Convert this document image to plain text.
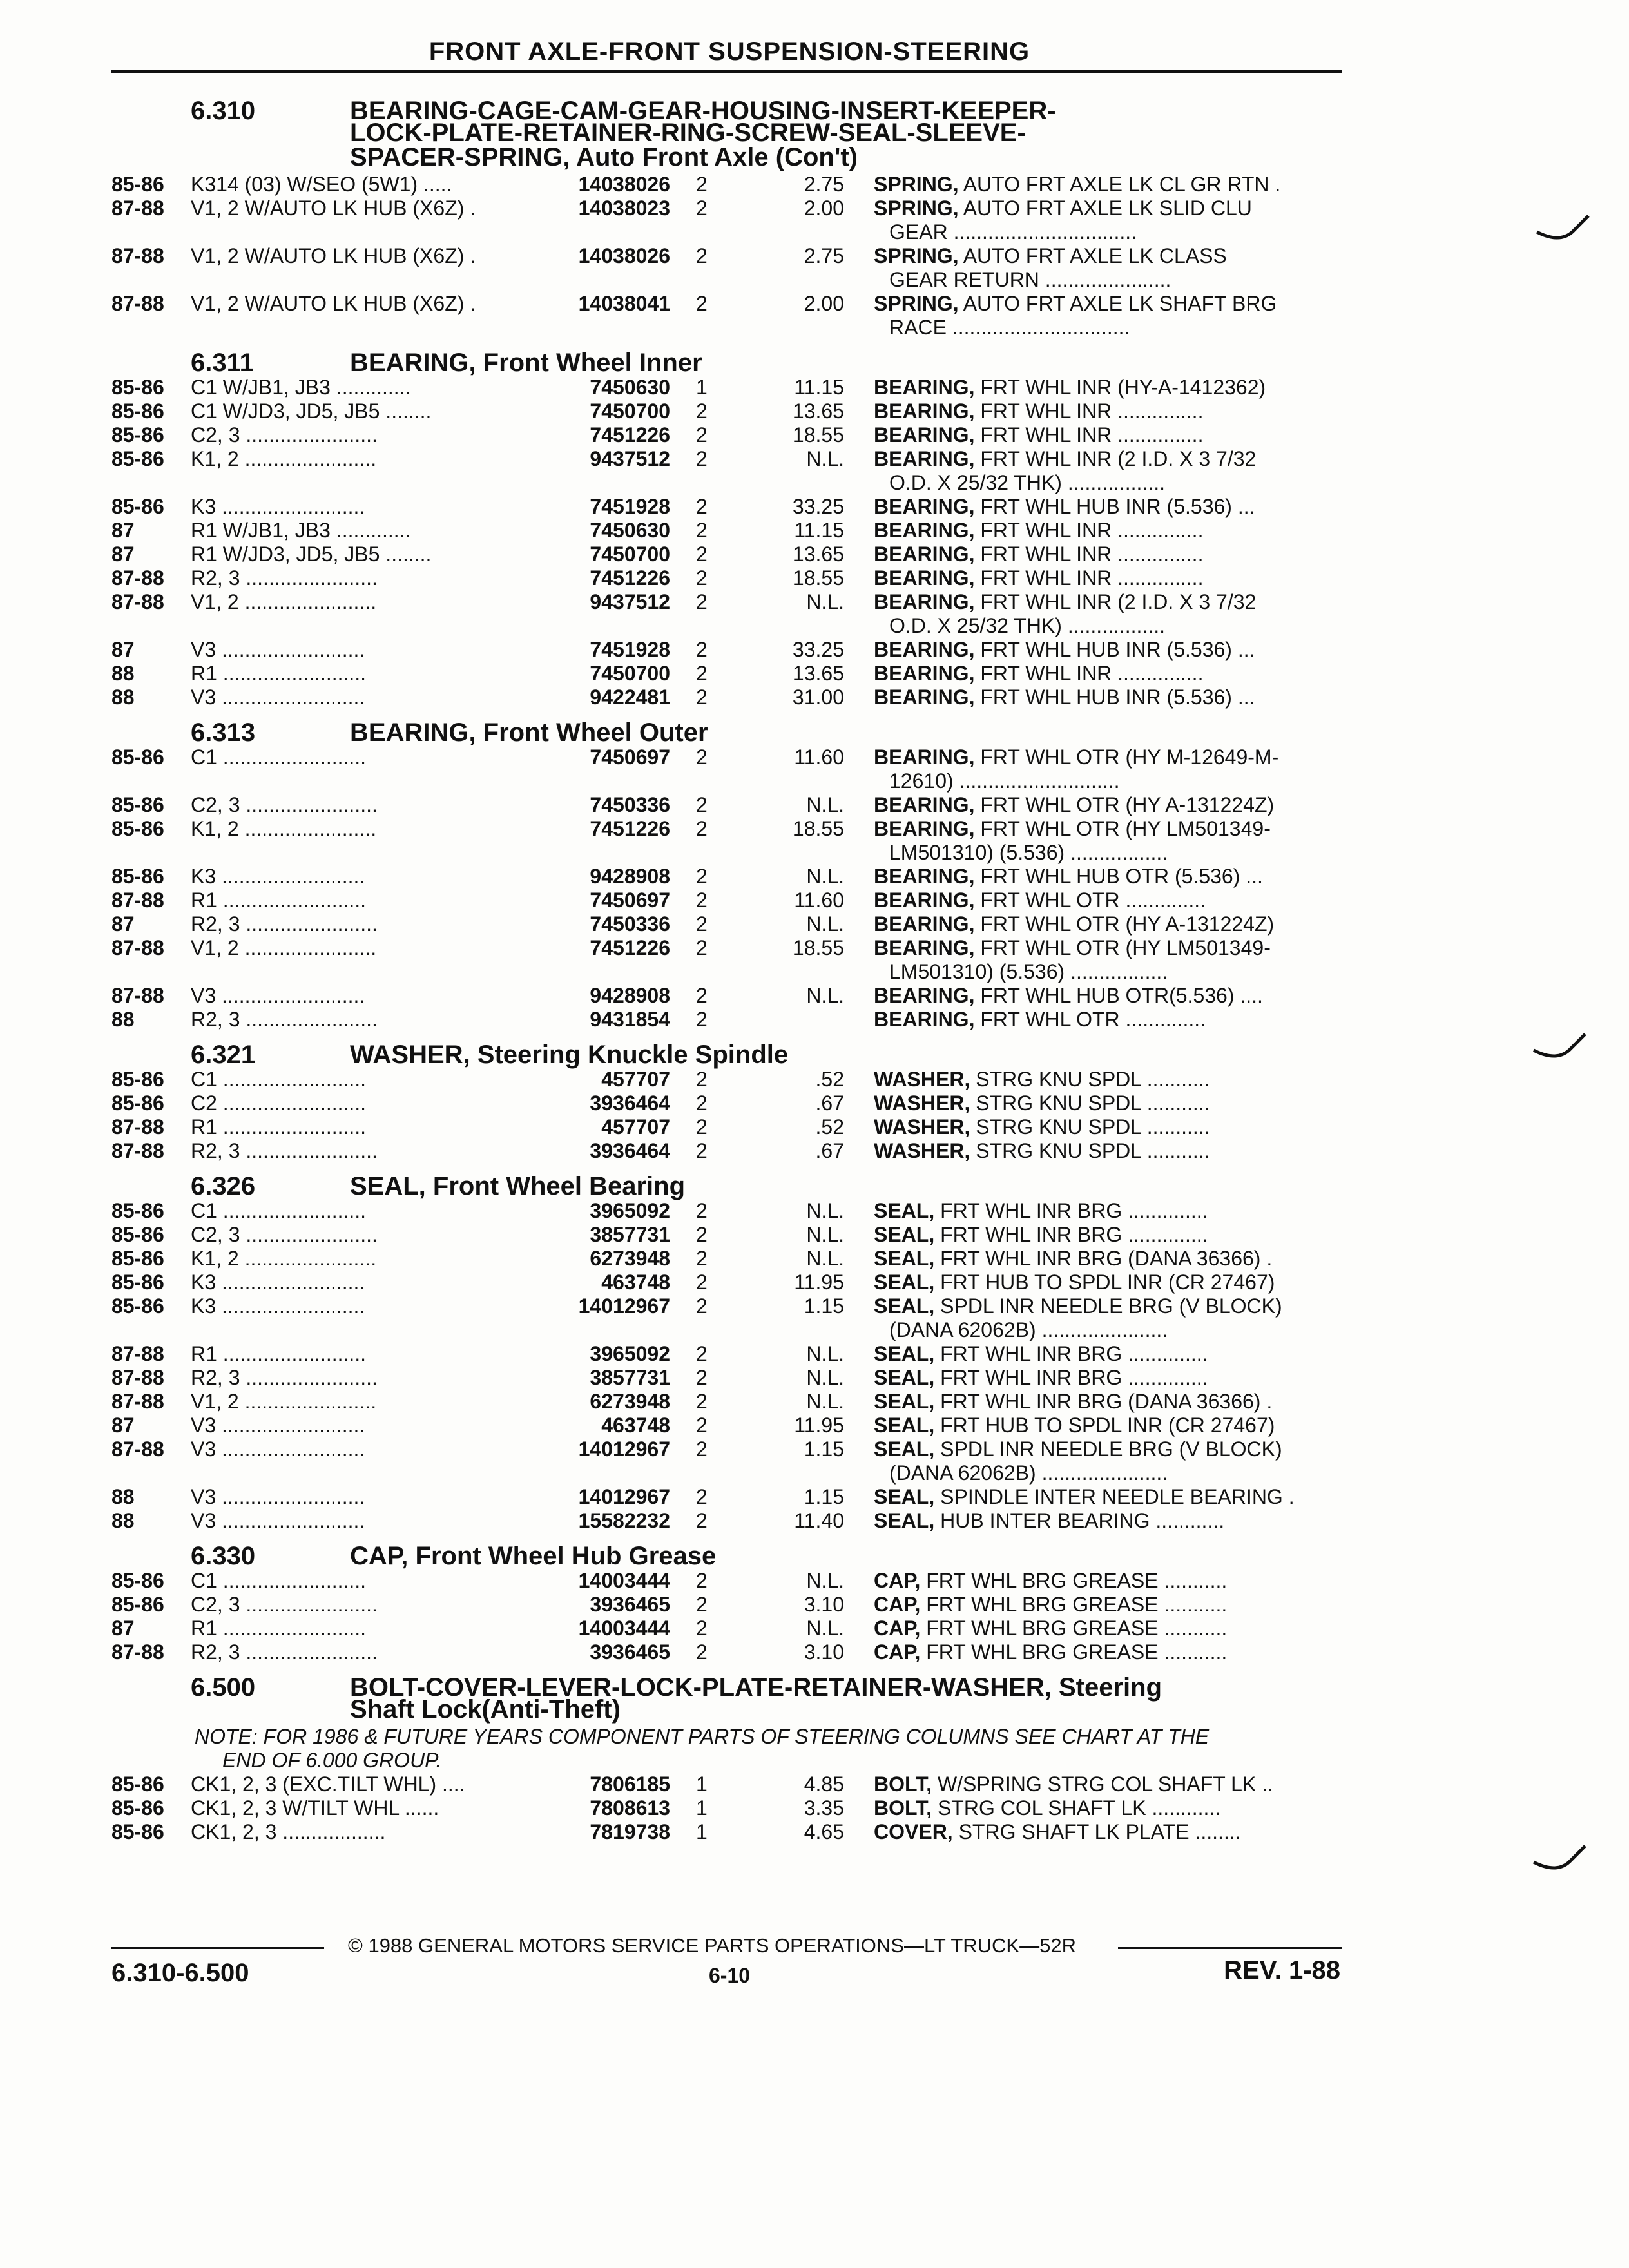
FRONT AXLE-FRONT SUSPENSION-STEERING
6.310	BEARING-CAGE-CAM-GEAR-HOUSING-INSERT-KEEPER-
LOCK-PLATE-RETAINER-RING-SCREW-SEAL-SLEEVE-
SPACER-SPRING, Auto Front Axle (Con't)
85-86	K314 (03) W/SEO (5W1) .....	14038026 2	2.75 SPRING, AUTO FRT AXLE LK CL GR RTN .
87-88	V1, 2 W/AUTO LK HUB (X6Z) .	14038023 2	2.00 SPRING, AUTO FRT AXLE LK SLID CLU
GEAR ................................
87-88	V1, 2 W/AUTO LK HUB (X6Z) .	14038026 2	2.75 SPRING, AUTO FRT AXLE LK CLASS
GEAR RETURN ......................
87-88	V1, 2 W/AUTO LK HUB (X6Z) .	14038041 2	2.00 SPRING, AUTO FRT AXLE LK SHAFT BRG
RACE ...............................
6.311	BEARING, Front Wheel Inner
85-86	C1 W/JB1, JB3 .............	7450630 1	11.15 BEARING, FRT WHL INR (HY-A-1412362)
85-86	C1 W/JD3, JD5, JB5 ........	7450700 2	13.65 BEARING, FRT WHL INR ...............
85-86	C2, 3 .......................	7451226 2	18.55 BEARING, FRT WHL INR ...............
85-86	K1, 2 .......................	9437512 2	N.L. BEARING, FRT WHL INR (2 I.D. X 3 7/32
O.D. X 25/32 THK) .................
85-86	K3 .........................	7451928 2	33.25 BEARING, FRT WHL HUB INR (5.536) ...
87	R1 W/JB1, JB3 .............	7450630 2	11.15 BEARING, FRT WHL INR ...............
87	R1 W/JD3, JD5, JB5 ........	7450700 2	13.65 BEARING, FRT WHL INR ...............
87-88	R2, 3 .......................	7451226 2	18.55 BEARING, FRT WHL INR ...............
87-88	V1, 2 .......................	9437512 2	N.L. BEARING, FRT WHL INR (2 I.D. X 3 7/32
O.D. X 25/32 THK) .................
87	V3 .........................	7451928 2	33.25 BEARING, FRT WHL HUB INR (5.536) ...
88	R1 .........................	7450700 2	13.65 BEARING, FRT WHL INR ...............
88	V3 .........................	9422481 2	31.00 BEARING, FRT WHL HUB INR (5.536) ...
6.313	BEARING, Front Wheel Outer
85-86	C1 .........................	7450697 2	11.60 BEARING, FRT WHL OTR (HY M-12649-M-
12610) ............................
85-86	C2, 3 .......................	7450336 2	N.L. BEARING, FRT WHL OTR (HY A-131224Z)
85-86	K1, 2 .......................	7451226 2	18.55 BEARING, FRT WHL OTR (HY LM501349-
LM501310) (5.536) .................
85-86	K3 .........................	9428908 2	N.L. BEARING, FRT WHL HUB OTR (5.536) ...
87-88	R1 .........................	7450697 2	11.60 BEARING, FRT WHL OTR ..............
87	R2, 3 .......................	7450336 2	N.L. BEARING, FRT WHL OTR (HY A-131224Z)
87-88	V1, 2 .......................	7451226 2	18.55 BEARING, FRT WHL OTR (HY LM501349-
LM501310) (5.536) .................
87-88	V3 .........................	9428908 2	N.L. BEARING, FRT WHL HUB OTR(5.536) ....
88	R2, 3 .......................	9431854 2	BEARING, FRT WHL OTR ..............
6.321	WASHER, Steering Knuckle Spindle
85-86	C1 .........................	457707 2	.52 WASHER, STRG KNU SPDL ...........
85-86	C2 .........................	3936464 2	.67 WASHER, STRG KNU SPDL ...........
87-88	R1 .........................	457707 2	.52 WASHER, STRG KNU SPDL ...........
87-88	R2, 3 .......................	3936464 2	.67 WASHER, STRG KNU SPDL ...........
6.326	SEAL, Front Wheel Bearing
85-86	C1 .........................	3965092 2	N.L. SEAL, FRT WHL INR BRG ..............
85-86	C2, 3 .......................	3857731 2	N.L. SEAL, FRT WHL INR BRG ..............
85-86	K1, 2 .......................	6273948 2	N.L. SEAL, FRT WHL INR BRG (DANA 36366) .
85-86	K3 .........................	463748 2	11.95 SEAL, FRT HUB TO SPDL INR (CR 27467)
85-86	K3 .........................	14012967 2	1.15 SEAL, SPDL INR NEEDLE BRG (V BLOCK)
(DANA 62062B) ......................
87-88	R1 .........................	3965092 2	N.L. SEAL, FRT WHL INR BRG ..............
87-88	R2, 3 .......................	3857731 2	N.L. SEAL, FRT WHL INR BRG ..............
87-88	V1, 2 .......................	6273948 2	N.L. SEAL, FRT WHL INR BRG (DANA 36366) .
87	V3 .........................	463748 2	11.95 SEAL, FRT HUB TO SPDL INR (CR 27467)
87-88	V3 .........................	14012967 2	1.15 SEAL, SPDL INR NEEDLE BRG (V BLOCK)
(DANA 62062B) ......................
88	V3 .........................	14012967 2	1.15 SEAL, SPINDLE INTER NEEDLE BEARING .
88	V3 .........................	15582232 2	11.40 SEAL, HUB INTER BEARING ............
6.330	CAP, Front Wheel Hub Grease
85-86	C1 .........................	14003444 2	N.L. CAP, FRT WHL BRG GREASE ...........
85-86	C2, 3 .......................	3936465 2	3.10 CAP, FRT WHL BRG GREASE ...........
87	R1 .........................	14003444 2	N.L. CAP, FRT WHL BRG GREASE ...........
87-88	R2, 3 .......................	3936465 2	3.10 CAP, FRT WHL BRG GREASE ...........
6.500	BOLT-COVER-LEVER-LOCK-PLATE-RETAINER-WASHER, Steering
Shaft Lock(Anti-Theft)
NOTE: FOR 1986 & FUTURE YEARS COMPONENT PARTS OF STEERING COLUMNS SEE CHART AT THE
END OF 6.000 GROUP.
85-86	CK1, 2, 3 (EXC.TILT WHL) ....	7806185 1	4.85 BOLT, W/SPRING STRG COL SHAFT LK ..
85-86	CK1, 2, 3 W/TILT WHL ......	7808613 1	3.35 BOLT, STRG COL SHAFT LK ............
85-86	CK1, 2, 3 ..................	7819738 1	4.65 COVER, STRG SHAFT LK PLATE ........
© 1988 GENERAL MOTORS SERVICE PARTS OPERATIONS—LT TRUCK—52R
6.310-6.500	6-10	REV. 1-88
